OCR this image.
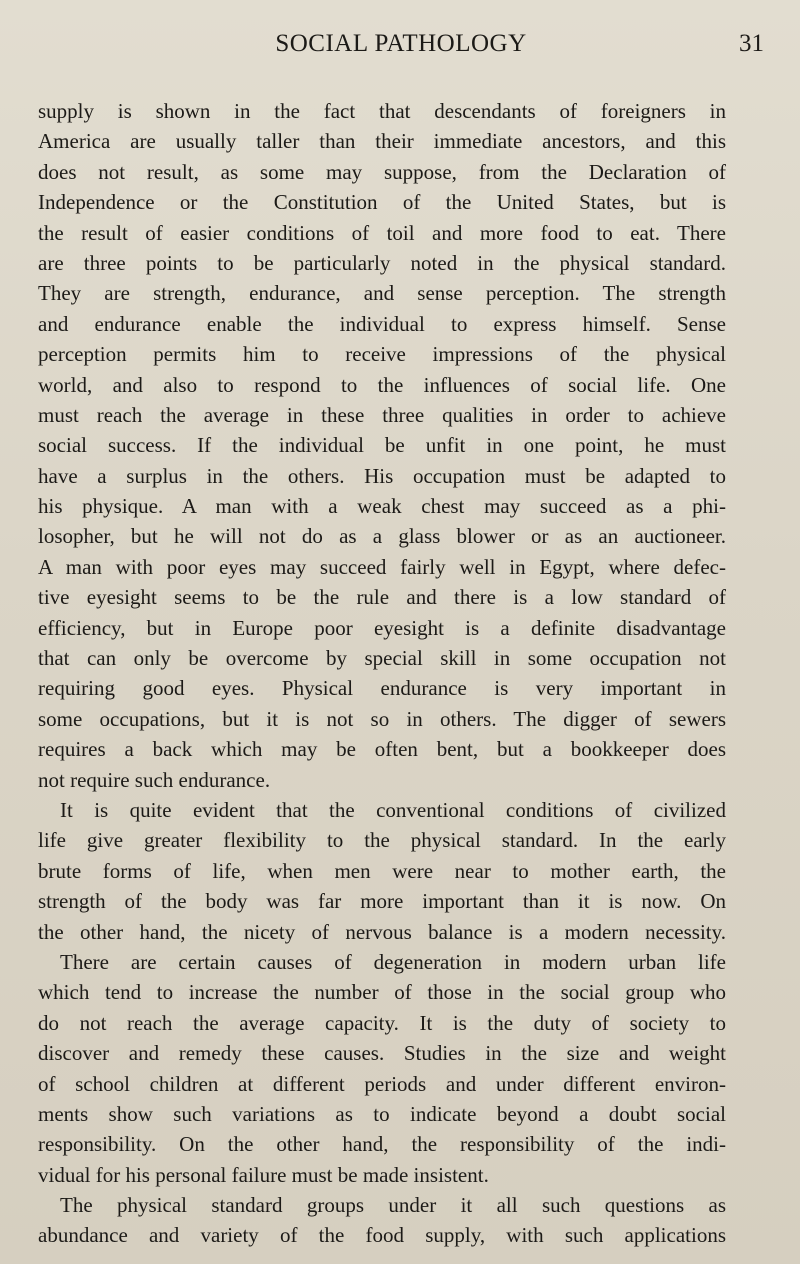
SOCIAL PATHOLOGY	31
supply is shown in the fact that descendants of foreigners in
America are usually taller than their immediate ancestors, and this
does not result, as some may suppose, from the Declaration of
Independence or the Constitution of the United States, but is
the result of easier conditions of toil and more food to eat. There
are three points to be particularly noted in the physical standard.
They are strength, endurance, and sense perception. The strength
and endurance enable the individual to express himself. Sense
perception permits him to receive impressions of the physical
world, and also to respond to the influences of social life. One
must reach the average in these three qualities in order to achieve
social success. If the individual be unfit in one point, he must
have a surplus in the others. His occupation must be adapted to
his physique. A man with a weak chest may succeed as a phi-
losopher, but he will not do as a glass blower or as an auctioneer.
A man with poor eyes may succeed fairly well in Egypt, where defec-
tive eyesight seems to be the rule and there is a low standard of
efficiency, but in Europe poor eyesight is a definite disadvantage
that can only be overcome by special skill in some occupation not
requiring good eyes. Physical endurance is very important in
some occupations, but it is not so in others. The digger of sewers
requires a back which may be often bent, but a bookkeeper does
not require such endurance.
It is quite evident that the conventional conditions of civilized
life give greater flexibility to the physical standard. In the early
brute forms of life, when men were near to mother earth, the
strength of the body was far more important than it is now. On
the other hand, the nicety of nervous balance is a modern necessity.
There are certain causes of degeneration in modern urban life
which tend to increase the number of those in the social group who
do not reach the average capacity. It is the duty of society to
discover and remedy these causes. Studies in the size and weight
of school children at different periods and under different environ-
ments show such variations as to indicate beyond a doubt social
responsibility. On the other hand, the responsibility of the indi-
vidual for his personal failure must be made insistent.
The physical standard groups under it all such questions as
abundance and variety of the food supply, with such applications
